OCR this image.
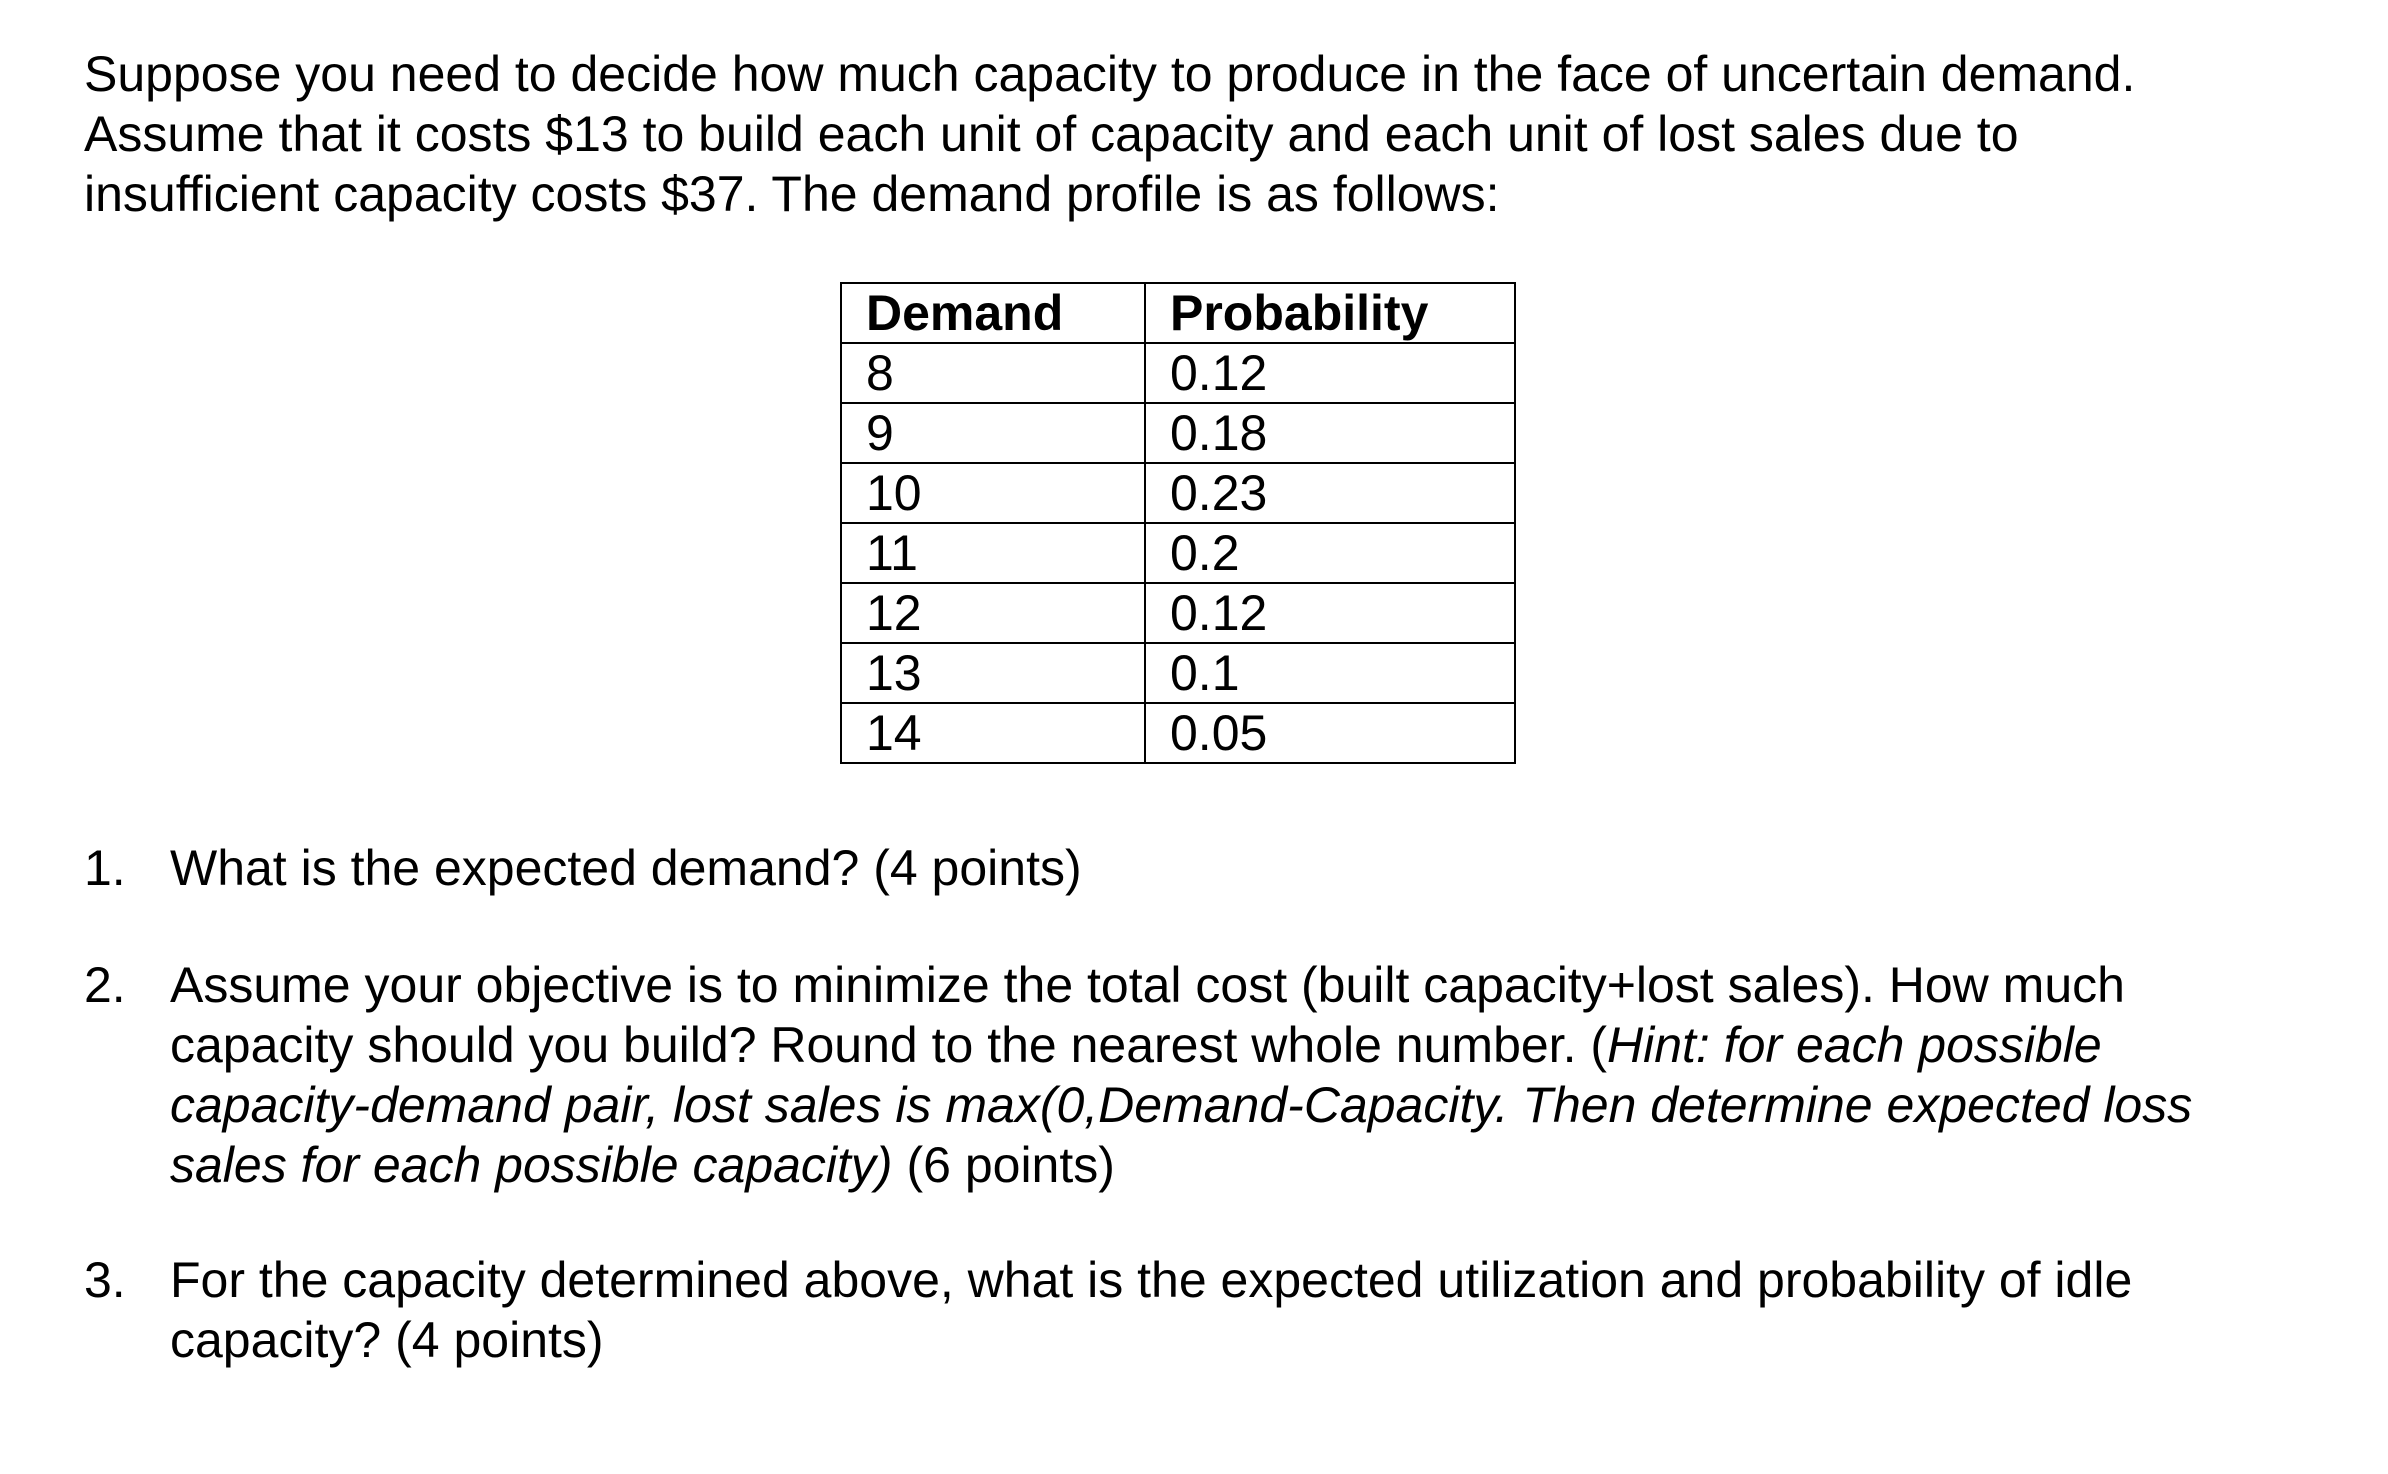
Suppose you need to decide how much capacity to produce in the face of uncertain demand.
Assume that it costs $13 to build each unit of capacity and each unit of lost sales due to
insufficient capacity costs $37. The demand profile is as follows:
Demand	Probability
8	0.12
9	0.18
10	0.23
11	0.2
12	0.12
13	0.1
14	0.05
1. What is the expected demand? (4 points)
2. Assume your objective is to minimize the total cost (built capacity+lost sales). How much
capacity should you build? Round to the nearest whole number. (Hint: for each possible
capacity-demand pair, lost sales is max(0,Demand-Capacity. Then determine expected loss
sales for each possible capacity) (6 points)
3. For the capacity determined above, what is the expected utilization and probability of idle
capacity? (4 points)
